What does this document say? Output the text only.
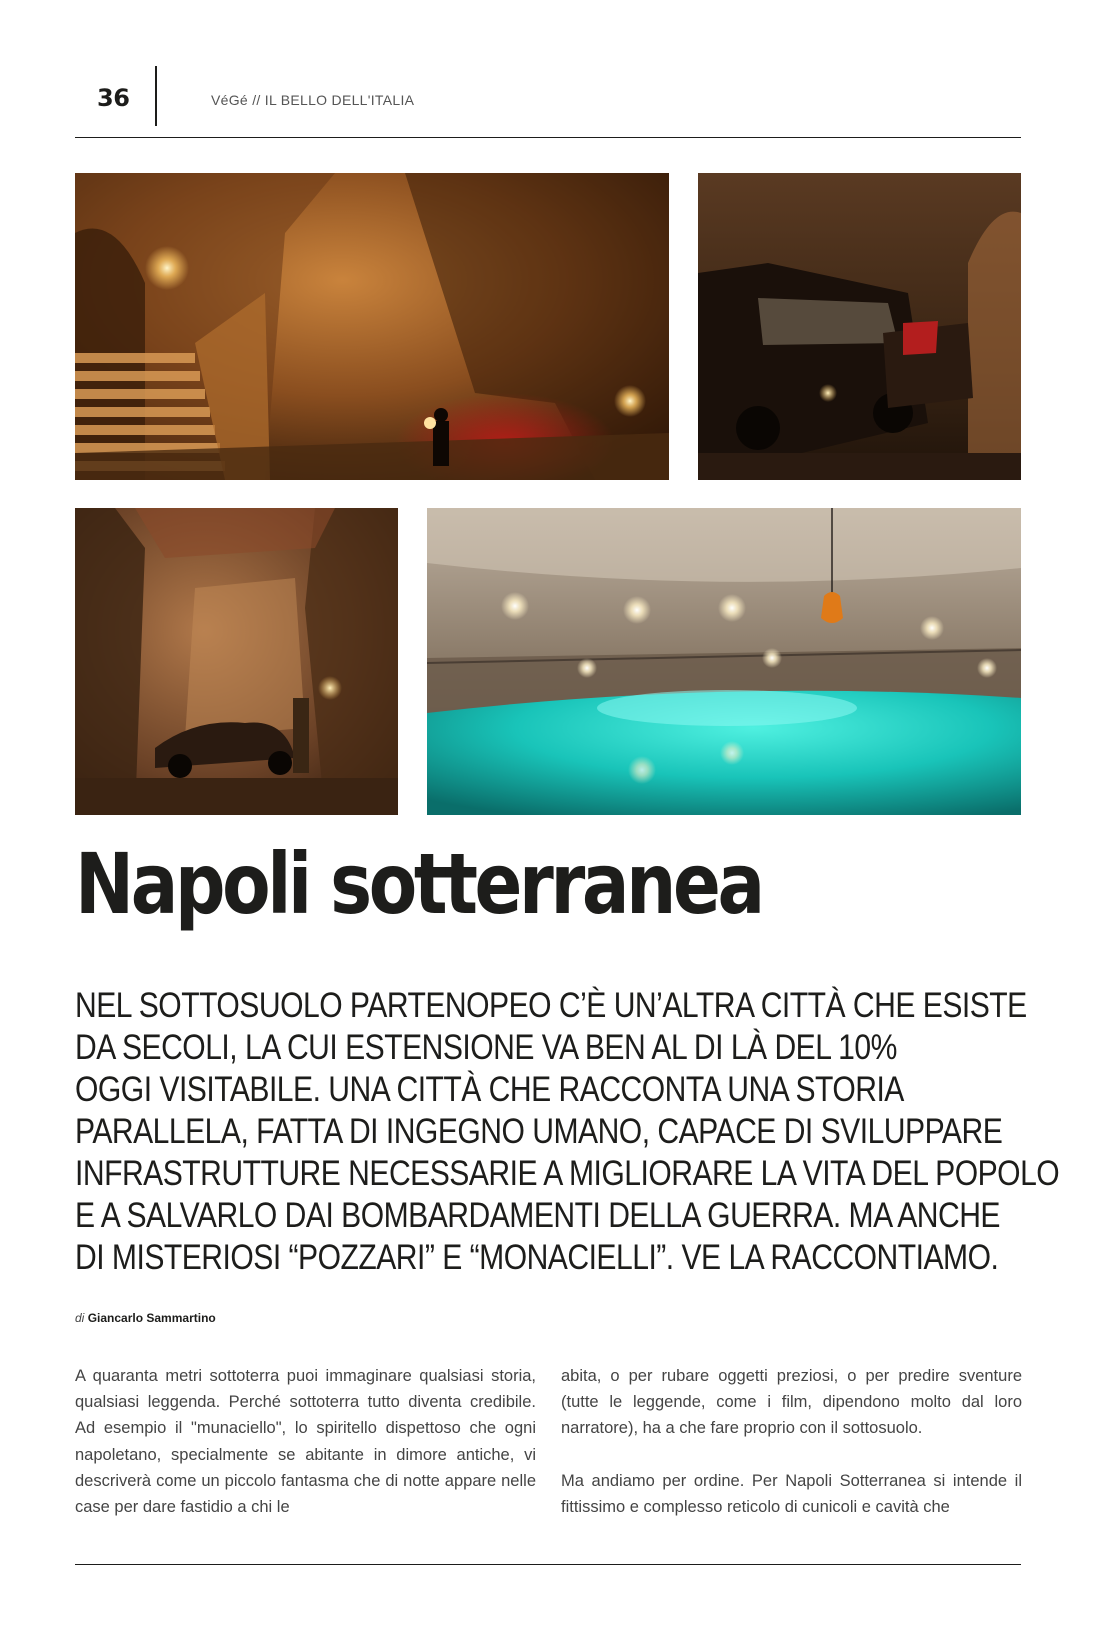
36	VéGé // IL BELLO DELL'ITALIA
Napoli sotterranea
NEL SOTTOSUOLO PARTENOPEO C’È UN’ALTRA CITTÀ CHE ESISTE
DA SECOLI, LA CUI ESTENSIONE VA BEN AL DI LÀ DEL 10%
OGGI VISITABILE. UNA CITTÀ CHE RACCONTA UNA STORIA
PARALLELA, FATTA DI INGEGNO UMANO, CAPACE DI SVILUPPARE
INFRASTRUTTURE NECESSARIE A MIGLIORARE LA VITA DEL POPOLO
E A SALVARLO DAI BOMBARDAMENTI DELLA GUERRA. MA ANCHE
DI MISTERIOSI “POZZARI” E “MONACIELLI”. VE LA RACCONTIAMO.
di Giancarlo Sammartino

A quaranta metri sottoterra puoi immaginare qualsiasi storia, qualsiasi leggenda. Perché sottoterra tutto diventa credibile. Ad esempio il "munaciello", lo spiritello dispettoso che ogni napoletano, specialmente se abitante in dimore antiche, vi descriverà come un piccolo fantasma che di notte appare nelle case per dare fastidio a chi le

abita, o per rubare oggetti preziosi, o per predire sventure (tutte le leggende, come i film, dipendono molto dal loro narratore), ha a che fare proprio con il sottosuolo.

Ma andiamo per ordine. Per Napoli Sotterranea si intende il fittissimo e complesso reticolo di cunicoli e cavità che
